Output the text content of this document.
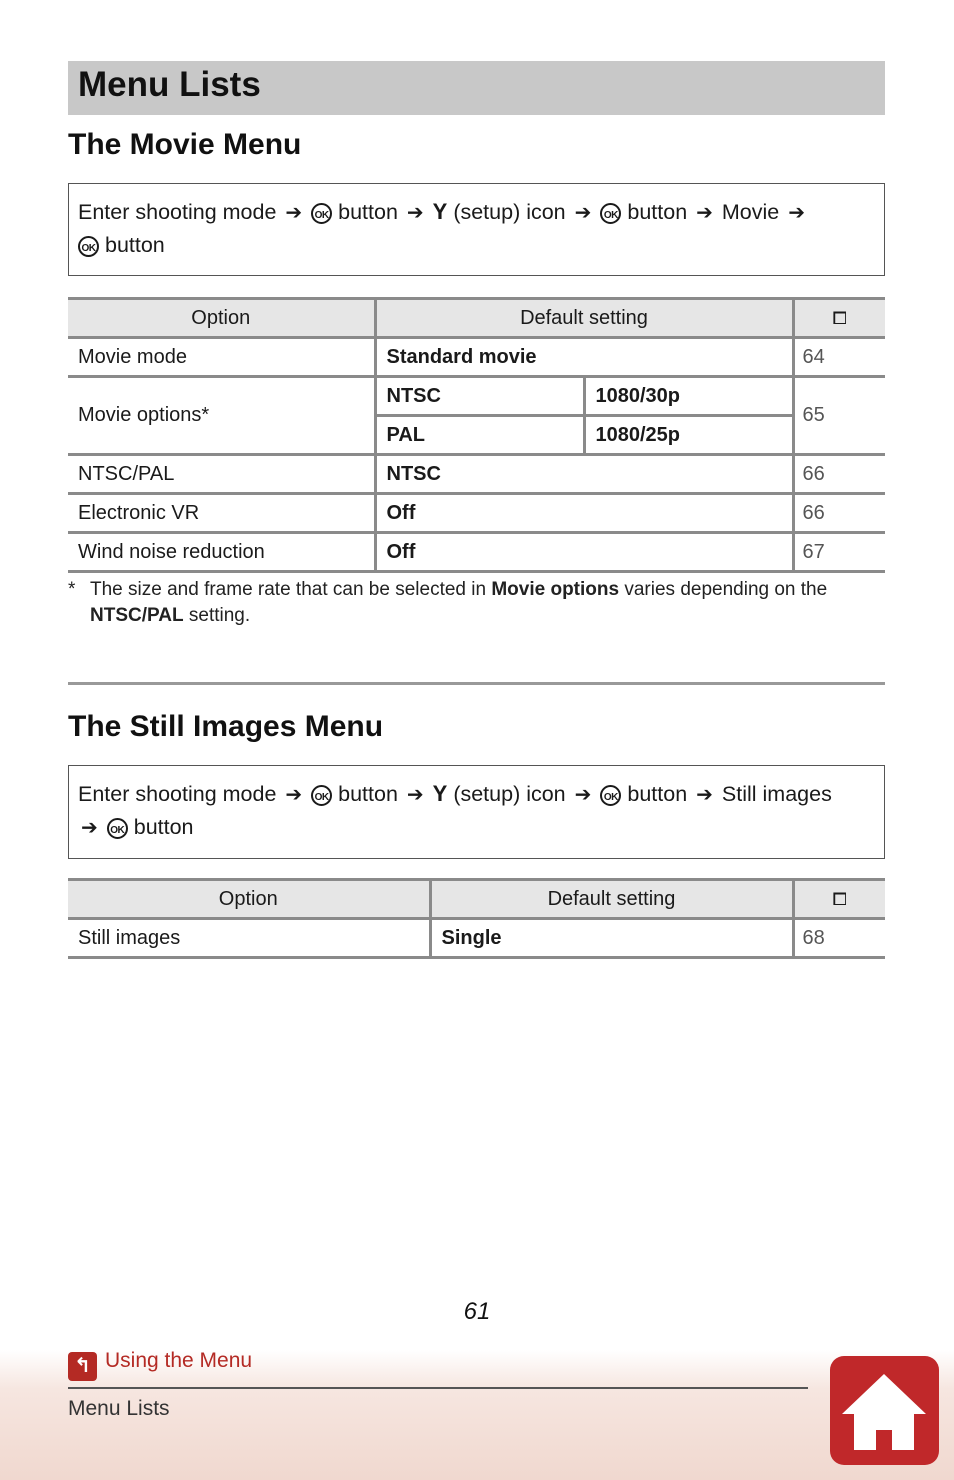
Menu Lists
The Movie Menu
Enter shooting mode ➔ OK button ➔ Y (setup) icon ➔ OK button ➔ Movie ➔
OK button
Option	Default setting		⧠
Movie mode	Standard movie		64
Movie options*	NTSC	1080/30p	65
	PAL	1080/25p	
NTSC/PAL	NTSC		66
Electronic VR	Off		66
Wind noise reduction	Off		67
* The size and frame rate that can be selected in Movie options varies depending on the NTSC/PAL setting.
The Still Images Menu
Enter shooting mode ➔ OK button ➔ Y (setup) icon ➔ OK button ➔ Still images
➔ OK button
Option	Default setting	⧠
Still images	Single	68
61
↰ Using the Menu
Menu Lists
